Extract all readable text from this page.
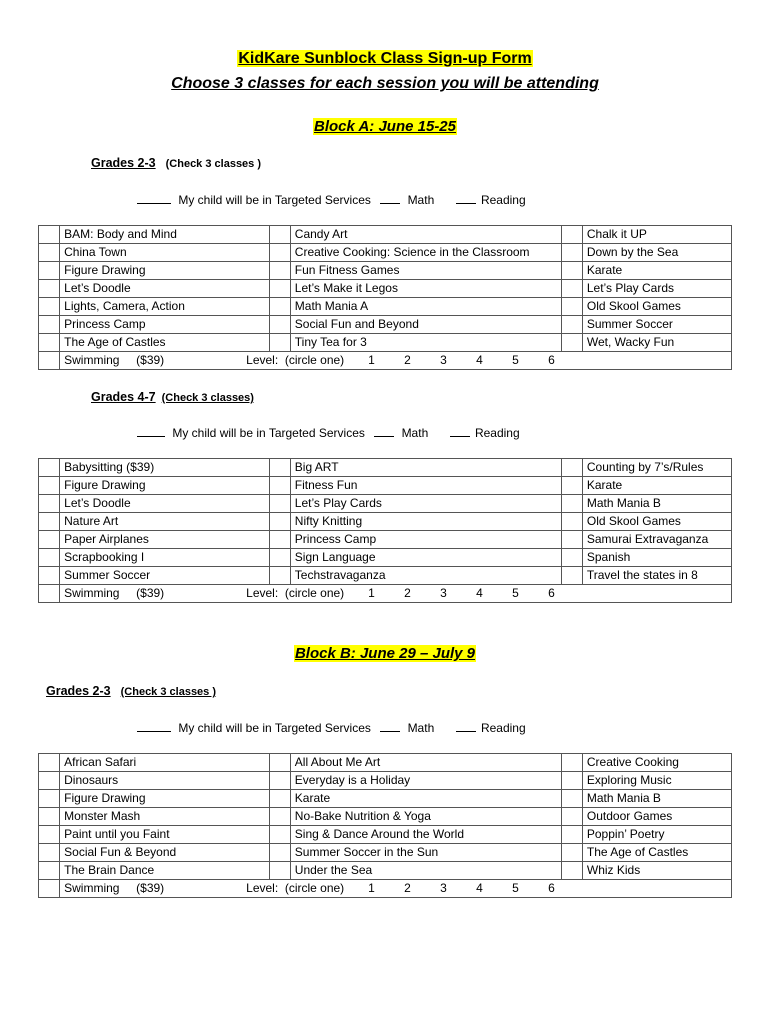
KidKare Sunblock Class Sign-up Form
Choose 3 classes for each session you will be attending
Block A: June 15-25
Grades 2-3 (Check 3 classes )
My child will be in Targeted Services	Math	Reading
	BAM: Body and Mind		Candy Art		Chalk it UP
	China Town		Creative Cooking: Science in the Classroom		Down by the Sea
	Figure Drawing		Fun Fitness Games		Karate
	Let’s Doodle		Let’s Make it Legos		Let’s Play Cards
	Lights, Camera, Action		Math Mania A		Old Skool Games
	Princess Camp		Social Fun and Beyond		Summer Soccer
	The Age of Castles		Tiny Tea for 3		Wet, Wacky Fun

	Swimming     ($39) Level:  (circle one) 1 2 3 4 5 6				
Grades 4-7 (Check 3 classes)
My child will be in Targeted Services	Math	Reading
	Babysitting ($39)		Big ART		Counting by 7’s/Rules
	Figure Drawing		Fitness Fun		Karate
	Let’s Doodle		Let’s Play Cards		Math Mania B
	Nature Art		Nifty Knitting		Old Skool Games
	Paper Airplanes		Princess Camp		Samurai Extravaganza
	Scrapbooking I		Sign Language		Spanish
	Summer Soccer		Techstravaganza		Travel the states in 8

	Swimming     ($39) Level:  (circle one) 1 2 3 4 5 6				
Block B: June 29 – July 9
Grades 2-3 (Check 3 classes )
My child will be in Targeted Services	Math	Reading
	African Safari		All About Me Art		Creative Cooking
	Dinosaurs		Everyday is a Holiday		Exploring Music
	Figure Drawing		Karate		Math Mania B
	Monster Mash		No-Bake Nutrition & Yoga		Outdoor Games
	Paint until you Faint		Sing & Dance Around the World		Poppin’ Poetry
	Social Fun & Beyond		Summer Soccer in the Sun		The Age of Castles
	The Brain Dance		Under the Sea		Whiz Kids

	Swimming     ($39) Level:  (circle one) 1 2 3 4 5 6				
